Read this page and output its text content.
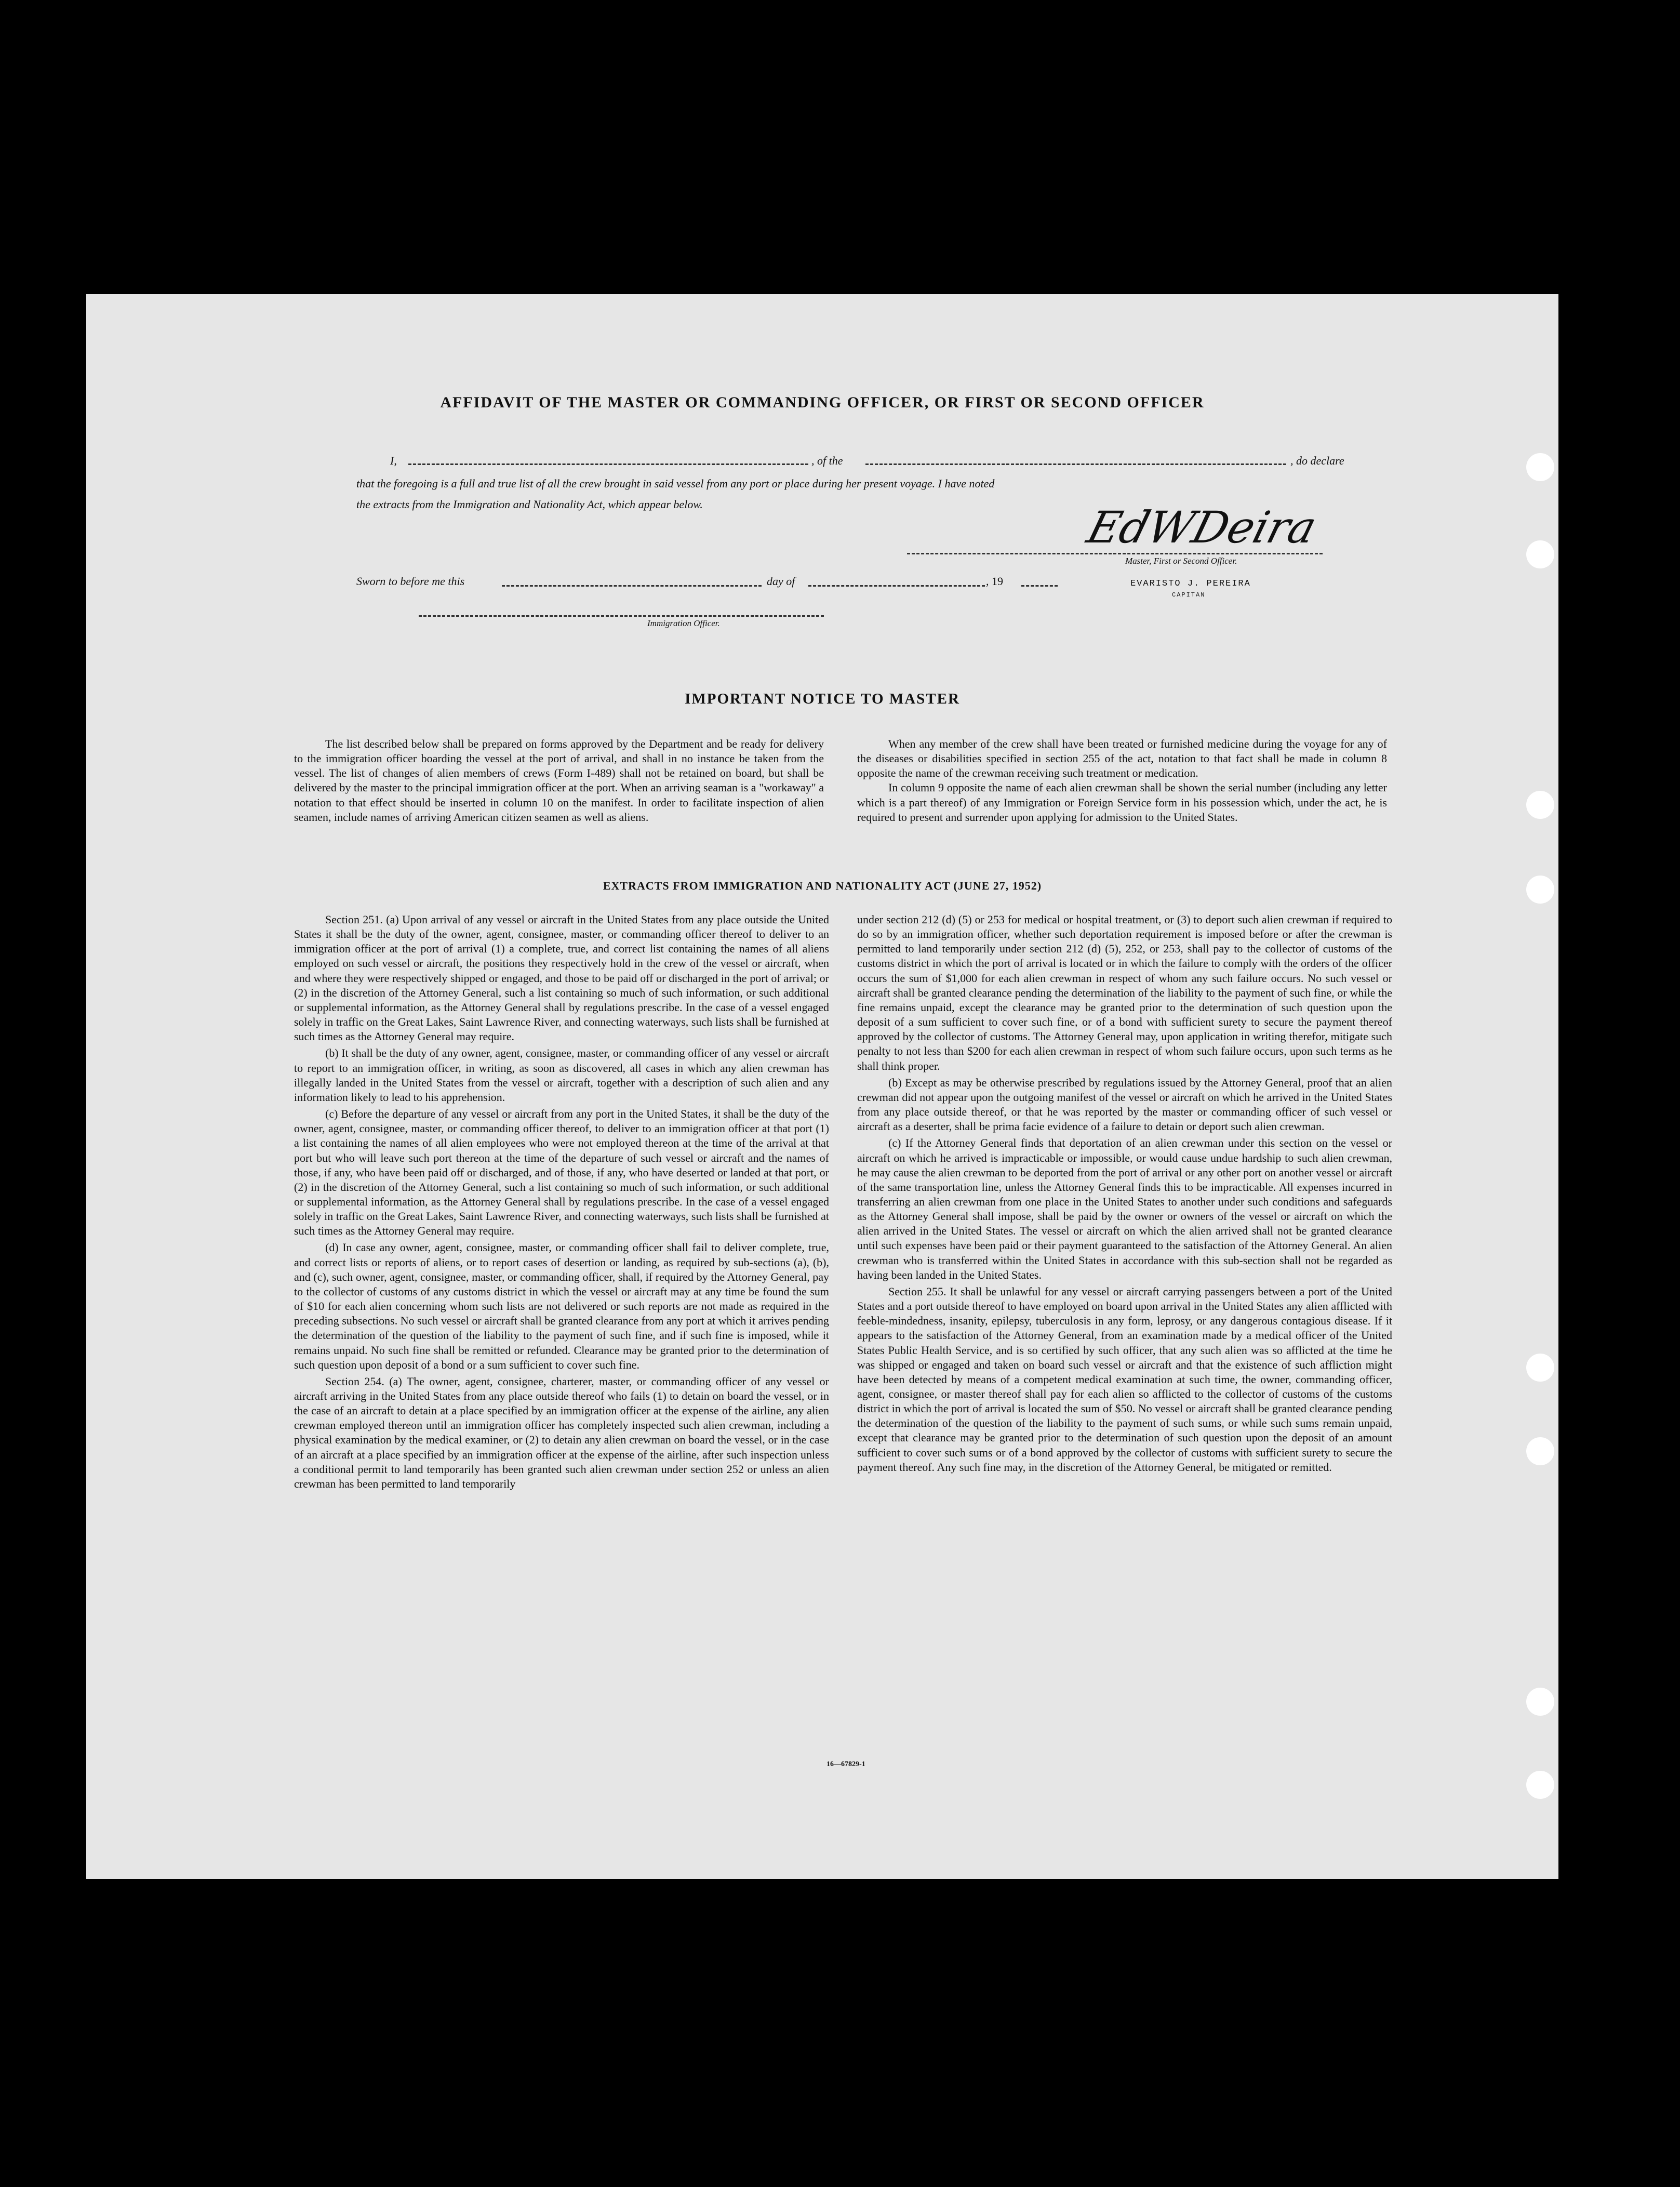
AFFIDAVIT OF THE MASTER OR COMMANDING OFFICER, OR FIRST OR SECOND OFFICER
I,	, of the	, do declare
that the foregoing is a full and true list of all the crew brought in said vessel from any port or place during her present voyage. I have noted
the extracts from the Immigration and Nationality Act, which appear below.	EdWDeira
Master, First or Second Officer.
EVARISTO J. PEREIRA
CAPITAN
Sworn to before me this	day of	, 19
Immigration Officer.
IMPORTANT NOTICE TO MASTER

The list described below shall be prepared on forms approved by the Department and be ready for delivery to the immigration officer boarding the vessel at the port of arrival, and shall in no instance be taken from the vessel. The list of changes of alien members of crews (Form I-489) shall not be retained on board, but shall be delivered by the master to the principal immigration officer at the port. When an arriving seaman is a "workaway" a notation to that effect should be inserted in column 10 on the manifest. In order to facilitate inspection of alien seamen, include names of arriving American citizen seamen as well as aliens.

When any member of the crew shall have been treated or furnished medicine during the voyage for any of the diseases or disabilities specified in section 255 of the act, notation to that fact shall be made in column 8 opposite the name of the crewman receiving such treatment or medication.

In column 9 opposite the name of each alien crewman shall be shown the serial number (including any letter which is a part thereof) of any Immigration or Foreign Service form in his possession which, under the act, he is required to present and surrender upon applying for admission to the United States.

EXTRACTS FROM IMMIGRATION AND NATIONALITY ACT (JUNE 27, 1952)

Section 251. (a) Upon arrival of any vessel or aircraft in the United States from any place outside the United States it shall be the duty of the owner, agent, consignee, master, or commanding officer thereof to deliver to an immigration officer at the port of arrival (1) a complete, true, and correct list containing the names of all aliens employed on such vessel or aircraft, the positions they respectively hold in the crew of the vessel or aircraft, when and where they were respectively shipped or engaged, and those to be paid off or discharged in the port of arrival; or (2) in the discretion of the Attorney General, such a list containing so much of such information, or such additional or supplemental information, as the Attorney General shall by regulations prescribe. In the case of a vessel engaged solely in traffic on the Great Lakes, Saint Lawrence River, and connecting waterways, such lists shall be furnished at such times as the Attorney General may require.

(b) It shall be the duty of any owner, agent, consignee, master, or commanding officer of any vessel or aircraft to report to an immigration officer, in writing, as soon as discovered, all cases in which any alien crewman has illegally landed in the United States from the vessel or aircraft, together with a description of such alien and any information likely to lead to his apprehension.

(c) Before the departure of any vessel or aircraft from any port in the United States, it shall be the duty of the owner, agent, consignee, master, or commanding officer thereof, to deliver to an immigration officer at that port (1) a list containing the names of all alien employees who were not employed thereon at the time of the arrival at that port but who will leave such port thereon at the time of the departure of such vessel or aircraft and the names of those, if any, who have been paid off or discharged, and of those, if any, who have deserted or landed at that port, or (2) in the discretion of the Attorney General, such a list containing so much of such information, or such additional or supplemental information, as the Attorney General shall by regulations prescribe. In the case of a vessel engaged solely in traffic on the Great Lakes, Saint Lawrence River, and connecting waterways, such lists shall be furnished at such times as the Attorney General may require.

(d) In case any owner, agent, consignee, master, or commanding officer shall fail to deliver complete, true, and correct lists or reports of aliens, or to report cases of desertion or landing, as required by sub-sections (a), (b), and (c), such owner, agent, consignee, master, or commanding officer, shall, if required by the Attorney General, pay to the collector of customs of any customs district in which the vessel or aircraft may at any time be found the sum of $10 for each alien concerning whom such lists are not delivered or such reports are not made as required in the preceding subsections. No such vessel or aircraft shall be granted clearance from any port at which it arrives pending the determination of the question of the liability to the payment of such fine, and if such fine is imposed, while it remains unpaid. No such fine shall be remitted or refunded. Clearance may be granted prior to the determination of such question upon deposit of a bond or a sum sufficient to cover such fine.

Section 254. (a) The owner, agent, consignee, charterer, master, or commanding officer of any vessel or aircraft arriving in the United States from any place outside thereof who fails (1) to detain on board the vessel, or in the case of an aircraft to detain at a place specified by an immigration officer at the expense of the airline, any alien crewman employed thereon until an immigration officer has completely inspected such alien crewman, including a physical examination by the medical examiner, or (2) to detain any alien crewman on board the vessel, or in the case of an aircraft at a place specified by an immigration officer at the expense of the airline, after such inspection unless a conditional permit to land temporarily has been granted such alien crewman under section 252 or unless an alien crewman has been permitted to land temporarily

under section 212 (d) (5) or 253 for medical or hospital treatment, or (3) to deport such alien crewman if required to do so by an immigration officer, whether such deportation requirement is imposed before or after the crewman is permitted to land temporarily under section 212 (d) (5), 252, or 253, shall pay to the collector of customs of the customs district in which the port of arrival is located or in which the failure to comply with the orders of the officer occurs the sum of $1,000 for each alien crewman in respect of whom any such failure occurs. No such vessel or aircraft shall be granted clearance pending the determination of the liability to the payment of such fine, or while the fine remains unpaid, except the clearance may be granted prior to the determination of such question upon the deposit of a sum sufficient to cover such fine, or of a bond with sufficient surety to secure the payment thereof approved by the collector of customs. The Attorney General may, upon application in writing therefor, mitigate such penalty to not less than $200 for each alien crewman in respect of whom such failure occurs, upon such terms as he shall think proper.

(b) Except as may be otherwise prescribed by regulations issued by the Attorney General, proof that an alien crewman did not appear upon the outgoing manifest of the vessel or aircraft on which he arrived in the United States from any place outside thereof, or that he was reported by the master or commanding officer of such vessel or aircraft as a deserter, shall be prima facie evidence of a failure to detain or deport such alien crewman.

(c) If the Attorney General finds that deportation of an alien crewman under this section on the vessel or aircraft on which he arrived is impracticable or impossible, or would cause undue hardship to such alien crewman, he may cause the alien crewman to be deported from the port of arrival or any other port on another vessel or aircraft of the same transportation line, unless the Attorney General finds this to be impracticable. All expenses incurred in transferring an alien crewman from one place in the United States to another under such conditions and safeguards as the Attorney General shall impose, shall be paid by the owner or owners of the vessel or aircraft on which the alien arrived in the United States. The vessel or aircraft on which the alien arrived shall not be granted clearance until such expenses have been paid or their payment guaranteed to the satisfaction of the Attorney General. An alien crewman who is transferred within the United States in accordance with this sub-section shall not be regarded as having been landed in the United States.

Section 255. It shall be unlawful for any vessel or aircraft carrying passengers between a port of the United States and a port outside thereof to have employed on board upon arrival in the United States any alien afflicted with feeble-mindedness, insanity, epilepsy, tuberculosis in any form, leprosy, or any dangerous contagious disease. If it appears to the satisfaction of the Attorney General, from an examination made by a medical officer of the United States Public Health Service, and is so certified by such officer, that any such alien was so afflicted at the time he was shipped or engaged and taken on board such vessel or aircraft and that the existence of such affliction might have been detected by means of a competent medical examination at such time, the owner, commanding officer, agent, consignee, or master thereof shall pay for each alien so afflicted to the collector of customs of the customs district in which the port of arrival is located the sum of $50. No vessel or aircraft shall be granted clearance pending the determination of the question of the liability to the payment of such sums, or while such sums remain unpaid, except that clearance may be granted prior to the determination of such question upon the deposit of an amount sufficient to cover such sums or of a bond approved by the collector of customs with sufficient surety to secure the payment thereof. Any such fine may, in the discretion of the Attorney General, be mitigated or remitted.

16—67829-1
